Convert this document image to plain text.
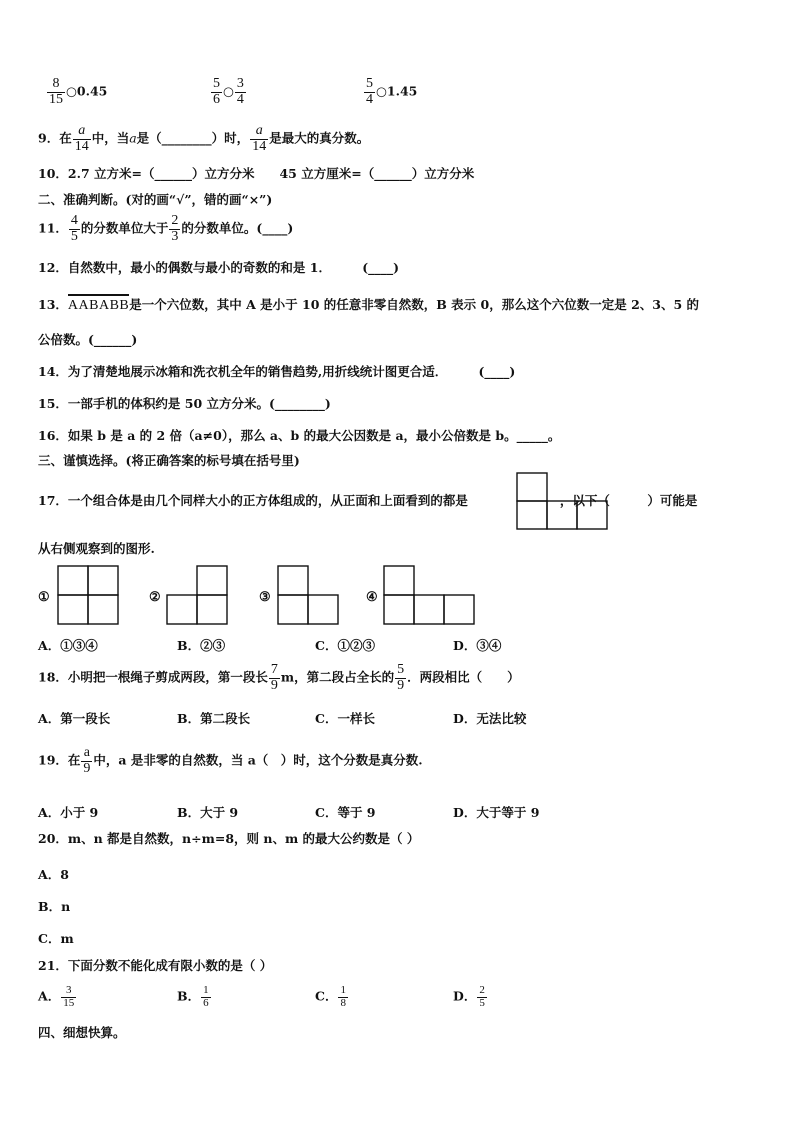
$\frac{8}{15}$ ○0.45	$\frac{5}{6}$ ○ $\frac{3}{4}$	$\frac{5}{4}$ ○1.45
9．在 $\frac{a}{14}$ 中，当a是（________）时， $\frac{a}{14}$ 是最大的真分数。
10．2.7 立方米=（______）立方分米　　45 立方厘米=（______）立方分米
二、准确判断。(对的画“√”，错的画“×”)
11． $\frac{4}{5}$ 的分数单位大于 $\frac{2}{3}$ 的分数单位。(____)
12．自然数中，最小的偶数与最小的奇数的和是 1．　　　(____)
13．AABABB是一个六位数，其中 A 是小于 10 的任意非零自然数，B 表示 0，那么这个六位数一定是 2、3、5 的
公倍数。(______)
14．为了清楚地展示冰箱和洗衣机全年的销售趋势,用折线统计图更合适．　　　(____)
15．一部手机的体积约是 50 立方分米。(________)
16．如果 b 是 a 的 2 倍（a≠0），那么 a、b 的最大公因数是 a，最小公倍数是 b。_____。
三、谨慎选择。(将正确答案的标号填在括号里)
17．一个组合体是由几个同样大小的正方体组成的，从正面和上面看到的都是	，以下（　　　）可能是
从右侧观察到的图形.
①	②	③	④
A．①③④	B．②③	C．①②③	D．③④
18．小明把一根绳子剪成两段，第一段长 $\frac{7}{9}$ m，第二段占全长的 $\frac{5}{9}$ ．两段相比（　　）
A．第一段长	B．第二段长	C．一样长	D．无法比较
19．在 $\frac{a}{9}$ 中，a 是非零的自然数，当 a（　）时，这个分数是真分数.
A．小于 9	B．大于 9	C．等于 9	D．大于等于 9
20．m、n 都是自然数，n÷m=8，则 n、m 的最大公约数是（ ）
A．8
B．n
C．m
21．下面分数不能化成有限小数的是（ ）
A． $\frac{3}{15}$	B． $\frac{1}{6}$	C． $\frac{1}{8}$	D． $\frac{2}{5}$
四、细想快算。
